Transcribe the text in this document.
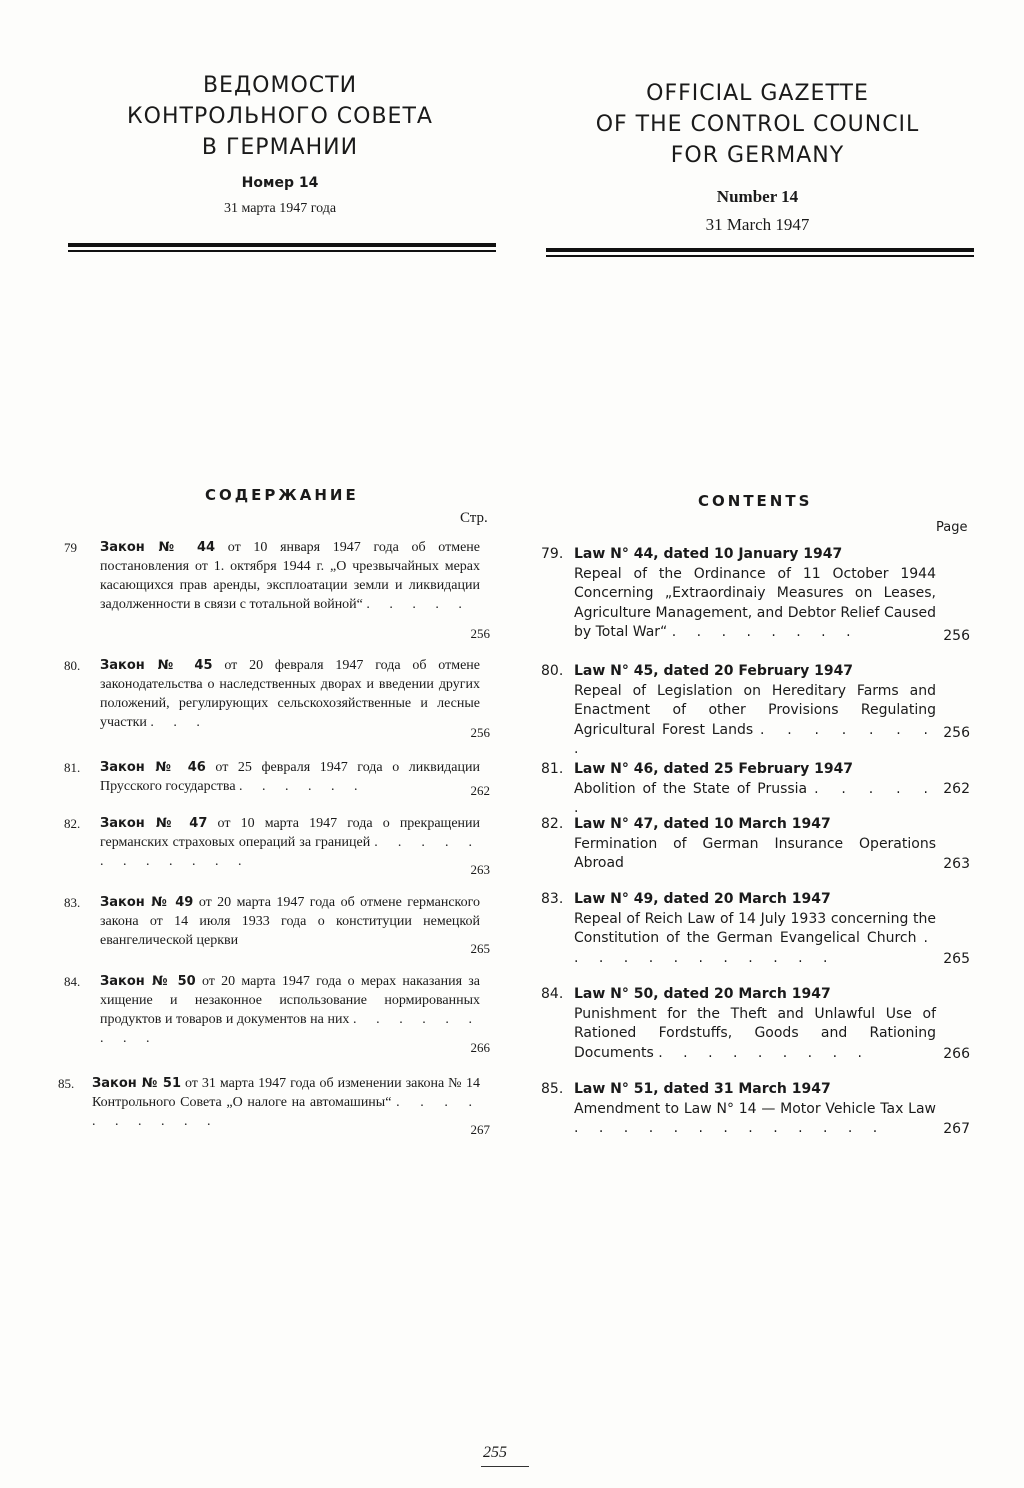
ВЕДОМОСТИ
КОНТРОЛЬНОГО СОВЕТА
В ГЕРМАНИИ
Номер 14
31 марта 1947 года
OFFICIAL GAZETTE
OF THE CONTROL COUNCIL
FOR GERMANY
Number 14
31 March 1947
СОДЕРЖАНИЕ
Стр.
CONTENTS
Page
79 Закон № 44 от 10 января 1947 года об отмене постановления от 1. октября 1944 г. „О чрезвычайных мерах касающихся прав аренды, эксплоатации земли и ликвидации задолженности в связи с тотальной войной“ . . . . .
256
80. Закон № 45 от 20 февраля 1947 года об отмене законодательства о наследственных дворах и введении других положений, регулирующих сельскохозяйственные и лесные участки . . .
256
81. Закон № 46 от 25 февраля 1947 года о ликвидации Прусского государства . . . . . .	262
82. Закон № 47 от 10 марта 1947 года о прекращении германских страховых операций за границей . . . . . . . . . . . .
263
83. Закон № 49 от 20 марта 1947 года об отмене германского закона от 14 июля 1933 года о конституции немецкой евангелической церкви
265
84. Закон № 50 от 20 марта 1947 года о мерах наказания за хищение и незаконное использование нормированных продуктов и товаров и документов на них . . . . . . . . .
266
85. Закон № 51 от 31 марта 1947 года об изменении закона № 14 Контрольного Совета „О налоге на автомашины“ . . . . . . . . . .
267
79. Law N° 44, dated 10 January 1947
Repeal of the Ordinance of 11 October 1944 Concerning „Extraordinaiy Measures on Leases, Agriculture Management, and Debtor Relief Caused by Total War“ . . . . . . . .	256
80. Law N° 45, dated 20 February 1947
Repeal of Legislation on Hereditary Farms and Enactment of other Provisions Regulating Agricultural Forest Lands . . . . . . . .
256
81. Law N° 46, dated 25 February 1947
Abolition of the State of Prussia . . . . . .
262
82. Law N° 47, dated 10 March 1947
Fermination of German Insurance Operations Abroad	263
83. Law N° 49, dated 20 March 1947
Repeal of Reich Law of 14 July 1933 concerning the Constitution of the German Evangelical Church . . . . . . . . . . . .	265
84. Law N° 50, dated 20 March 1947
Punishment for the Theft and Unlawful Use of Rationed Fordstuffs, Goods and Rationing Documents . . . . . . . . .	266
85. Law N° 51, dated 31 March 1947
Amendment to Law N° 14 — Motor Vehicle Tax Law . . . . . . . . . . . . .	267
255
